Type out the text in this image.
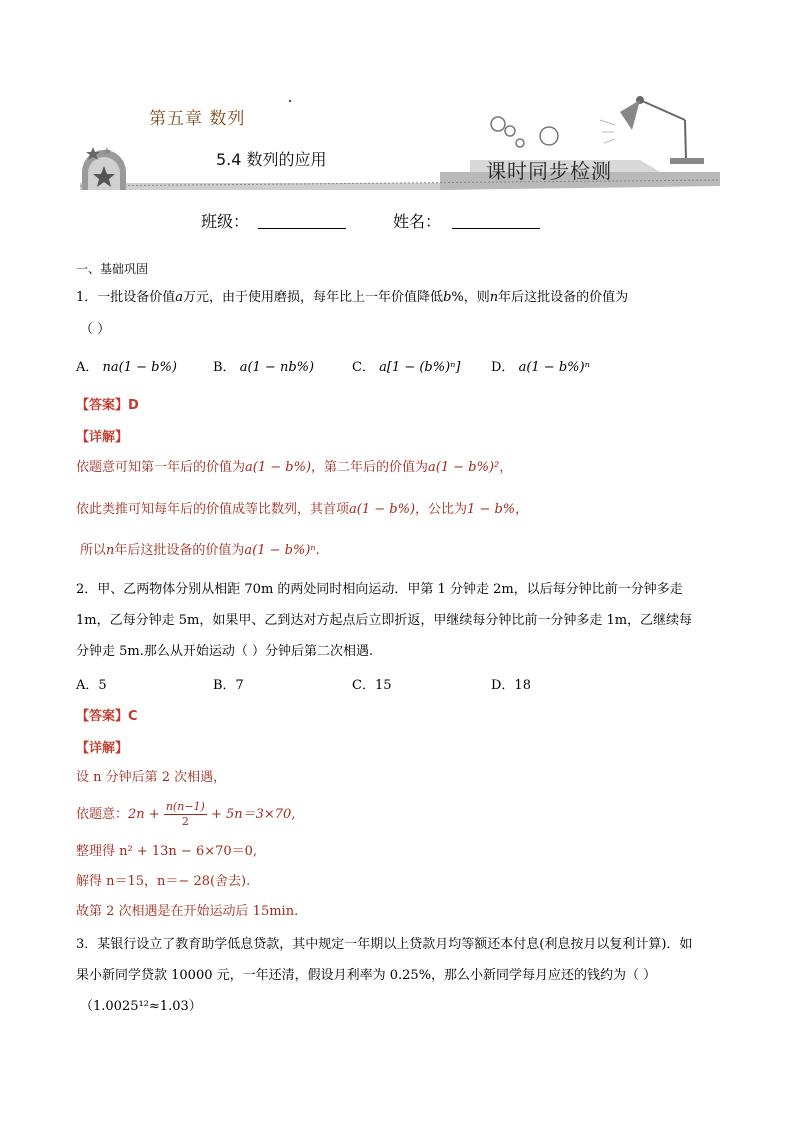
第五章 数列
5.4 数列的应用	课时同步检测
班级：	姓名：
一、基础巩固
1．一批设备价值a万元，由于使用磨损，每年比上一年价值降低b%，则n年后这批设备的价值为
（ ）
A． na(1 − b%)	B． a(1 − nb%)	C． a[1 − (b%)ⁿ] D． a(1 − b%)ⁿ
【答案】D
【详解】
依题意可知第一年后的价值为a(1 − b%)，第二年后的价值为a(1 − b%)²，
依此类推可知每年后的价值成等比数列，其首项a(1 − b%)，公比为1 − b%，
所以n年后这批设备的价值为a(1 − b%)ⁿ.
2．甲、乙两物体分别从相距 70m 的两处同时相向运动．甲第 1 分钟走 2m，以后每分钟比前一分钟多走
1m，乙每分钟走 5m，如果甲、乙到达对方起点后立即折返，甲继续每分钟比前一分钟多走 1m，乙继续每
分钟走 5m.那么从开始运动（ ）分钟后第二次相遇.
A．5	B．7	C．15	D．18
【答案】C
【详解】
设 n 分钟后第 2 次相遇，
依题意：$2n + \frac{n(n-1)}{2} + 5n=3\times 70$,
整理得 n² + 13n − 6×70＝0,
解得 n＝15，n＝− 28(舍去).
故第 2 次相遇是在开始运动后 15min.
3．某银行设立了教育助学低息贷款，其中规定一年期以上贷款月均等额还本付息(利息按月以复利计算)．如
果小新同学贷款 10000 元，一年还清，假设月利率为 0.25%，那么小新同学每月应还的钱约为（ ）
（1.0025¹²≈1.03）
